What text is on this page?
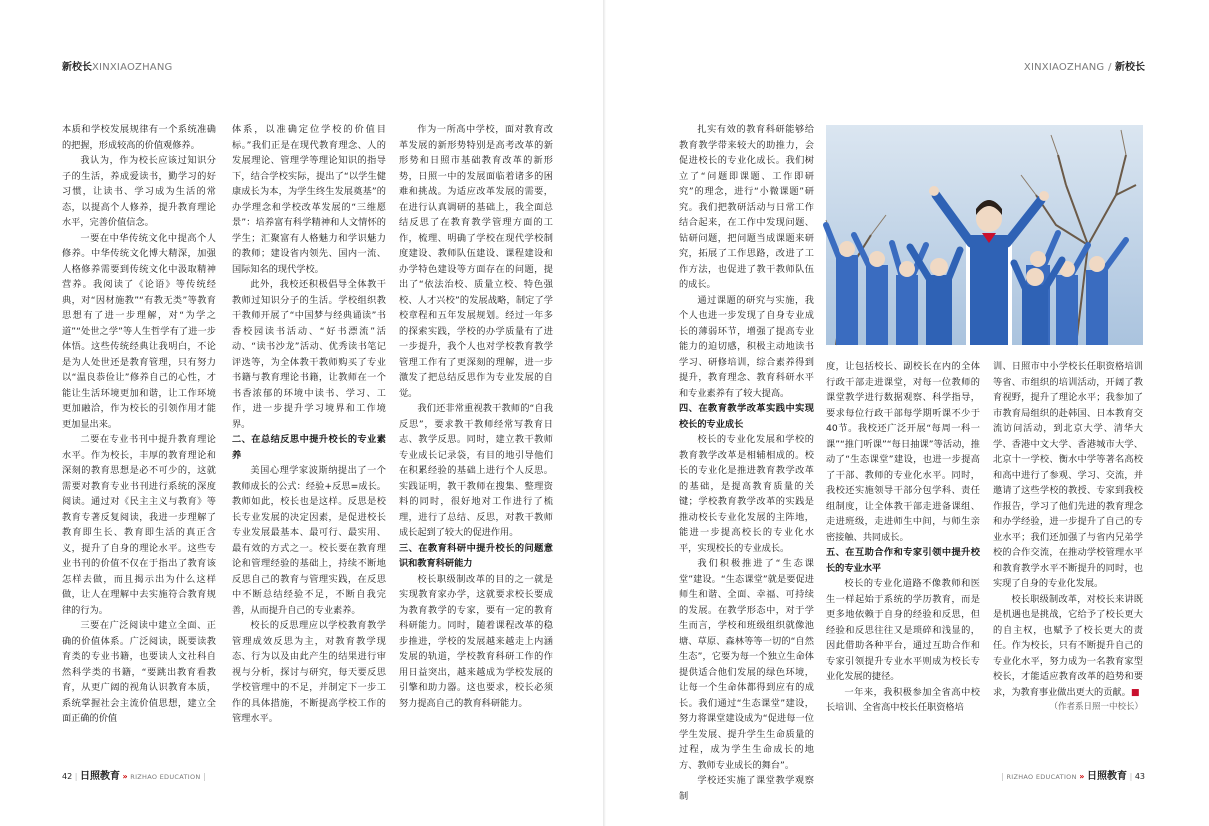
新校长XINXIAOZHANG	XINXIAOZHANG / 新校长

本质和学校发展规律有一个系统准确的把握，形成较高的价值观修养。

我认为，作为校长应该过知识分子的生活，养成爱读书，勤学习的好习惯，让读书、学习成为生活的常态，以提高个人修养，提升教育理论水平，完善价值信念。

一要在中华传统文化中提高个人修养。中华传统文化博大精深，加强人格修养需要到传统文化中汲取精神营养。我阅读了《论语》等传统经典，对“因材施教”“有教无类”等教育思想有了进一步理解，对“为学之道”“处世之学”等人生哲学有了进一步体悟。这些传统经典让我明白，不论是为人处世还是教育管理，只有努力以“温良恭俭让”修养自己的心性，才能让生活环境更加和谐，让工作环境更加融洽，作为校长的引领作用才能更加显出来。

二要在专业书刊中提升教育理论水平。作为校长，丰厚的教育理论和深刻的教育思想是必不可少的，这就需要对教育专业书刊进行系统的深度阅读。通过对《民主主义与教育》等教育专著反复阅读，我进一步理解了教育即生长、教育即生活的真正含义，提升了自身的理论水平。这些专业书刊的价值不仅在于指出了教育该怎样去做，而且揭示出为什么这样做，让人在理解中去实施符合教育规律的行为。

三要在广泛阅读中建立全面、正确的价值体系。广泛阅读，既要读教育类的专业书籍，也要读人文社科自然科学类的书籍，“要跳出教育看教育，从更广阔的视角认识教育本质，系统掌握社会主流价值思想，建立全面正确的价值

体系，以准确定位学校的价值目标。”我们正是在现代教育理念、人的发展理论、管理学等理论知识的指导下，结合学校实际，提出了“以学生健康成长为本，为学生终生发展奠基”的办学理念和学校改革发展的“三维愿景”：培养富有科学精神和人文情怀的学生；汇聚富有人格魅力和学识魅力的教师；建设省内领先、国内一流、国际知名的现代学校。

此外，我校还积极倡导全体教干教师过知识分子的生活。学校组织教干教师开展了“中国梦与经典诵读”书香校园读书活动、“好书漂流”活动、“读书沙龙”活动、优秀读书笔记评选等，为全体教干教师购买了专业书籍与教育理论书籍，让教师在一个书香浓郁的环境中读书、学习、工作，进一步提升学习境界和工作境界。

二、在总结反思中提升校长的专业素养

美国心理学家波斯纳提出了一个教师成长的公式：经验+反思=成长。教师如此，校长也是这样。反思是校长专业发展的决定因素，是促进校长专业发展最基本、最可行、最实用、最有效的方式之一。校长要在教育理论和管理经验的基础上，持续不断地反思自己的教育与管理实践，在反思中不断总结经验不足，不断自我完善，从而提升自己的专业素养。

校长的反思理应以学校教育教学管理成效反思为主，对教育教学现态、行为以及由此产生的结果进行审视与分析，探讨与研究，每天要反思学校管理中的不足，并制定下一步工作的具体措施，不断提高学校工作的管理水平。

作为一所高中学校，面对教育改革发展的新形势特别是高考改革的新形势和日照市基础教育改革的新形势，日照一中的发展面临着诸多的困难和挑战。为适应改革发展的需要，在进行认真调研的基础上，我全面总结反思了在教育教学管理方面的工作，梳理、明确了学校在现代学校制度建设、教师队伍建设、课程建设和办学特色建设等方面存在的问题，提出了“依法治校、质量立校、特色强校、人才兴校”的发展战略，制定了学校章程和五年发展规划。经过一年多的探索实践，学校的办学质量有了进一步提升，我个人也对学校教育教学管理工作有了更深刻的理解，进一步激发了把总结反思作为专业发展的自觉。

我们还非常重视教干教师的“自我反思”，要求教干教师经常写教育日志、教学反思。同时，建立教干教师专业成长记录袋，有目的地引导他们在积累经验的基础上进行个人反思。实践证明，教干教师在搜集、整理资料的同时，很好地对工作进行了梳理，进行了总结、反思，对教干教师成长起到了较大的促进作用。

三、在教育科研中提升校长的问题意识和教育科研能力

校长职级制改革的目的之一就是实现教育家办学，这就要求校长要成为教育教学的专家，要有一定的教育科研能力。同时，随着课程改革的稳步推进，学校的发展越来越走上内涵发展的轨道，学校教育科研工作的作用日益突出，越来越成为学校发展的引擎和助力器。这也要求，校长必须努力提高自己的教育科研能力。

扎实有效的教育科研能够给教育教学带来较大的助推力，会促进校长的专业化成长。我们树立了“问题即课题、工作即研究”的理念，进行“小微课题”研究。我们把教研活动与日常工作结合起来，在工作中发现问题、钻研问题，把问题当成课题来研究，拓展了工作思路，改进了工作方法，也促进了教干教师队伍的成长。

通过课题的研究与实施，我个人也进一步发现了自身专业成长的薄弱环节，增强了提高专业能力的迫切感，积极主动地读书学习、研修培训，综合素养得到提升，教育理念、教育科研水平和专业素养有了较大提高。

四、在教育教学改革实践中实现校长的专业成长

校长的专业化发展和学校的教育教学改革是相辅相成的。校长的专业化是推进教育教学改革的基础，是提高教育质量的关键；学校教育教学改革的实践是推动校长专业化发展的主阵地，能进一步提高校长的专业化水平，实现校长的专业成长。

我们积极推进了“生态课堂”建设。“生态课堂”就是要促进师生和谐、全面、幸福、可持续的发展。在教学形态中，对于学生而言，学校和班级组织就像池塘、草原、森林等等一切的“自然生态”，它要为每一个独立生命体提供适合他们发展的绿色环境，让每一个生命体都得到应有的成长。我们通过“生态课堂”建设，努力将课堂建设成为“促进每一位学生发展、提升学生生命质量的过程，成为学生生命成长的地方、教师专业成长的舞台”。

学校还实施了课堂教学观察制

度，让包括校长、副校长在内的全体行政干部走进课堂，对每一位教师的课堂教学进行数据观察、科学指导，要求每位行政干部每学期听课不少于40节。我校还广泛开展“每周一科一课”“推门听课”“每日抽课”等活动，推动了“生态课堂”建设，也进一步提高了干部、教师的专业化水平。同时，我校还实施领导干部分包学科、责任组制度，让全体教干部走进备课组、走进班级，走进师生中间，与师生亲密接触、共同成长。

五、在互助合作和专家引领中提升校长的专业水平

校长的专业化道路不像教师和医生一样起始于系统的学历教育，而是更多地依赖于自身的经验和反思，但经验和反思往往又是琐碎和浅显的，因此借助各种平台，通过互助合作和专家引领提升专业水平则成为校长专业化发展的捷径。

一年来，我积极参加全省高中校长培训、全省高中校长任职资格培

训、日照市中小学校长任职资格培训等省、市组织的培训活动，开阔了教育视野，提升了理论水平；我参加了市教育局组织的赴韩国、日本教育交流访问活动，到北京大学、清华大学、香港中文大学、香港城市大学、北京十一学校、衡水中学等著名高校和高中进行了参观、学习、交流，并邀请了这些学校的教授、专家到我校作报告，学习了他们先进的教育理念和办学经验，进一步提升了自己的专业水平；我们还加强了与省内兄弟学校的合作交流，在推动学校管理水平和教育教学水平不断提升的同时，也实现了自身的专业化发展。

校长职级制改革，对校长来讲既是机遇也是挑战，它给予了校长更大的自主权，也赋予了校长更大的责任。作为校长，只有不断提升自己的专业化水平，努力成为一名教育家型校长，才能适应教育改革的趋势和要求，为教育事业做出更大的贡献。■

（作者系日照一中校长）

42 | 日照教育 » RIZHAO EDUCATION |	| RIZHAO EDUCATION » 日照教育 | 43
